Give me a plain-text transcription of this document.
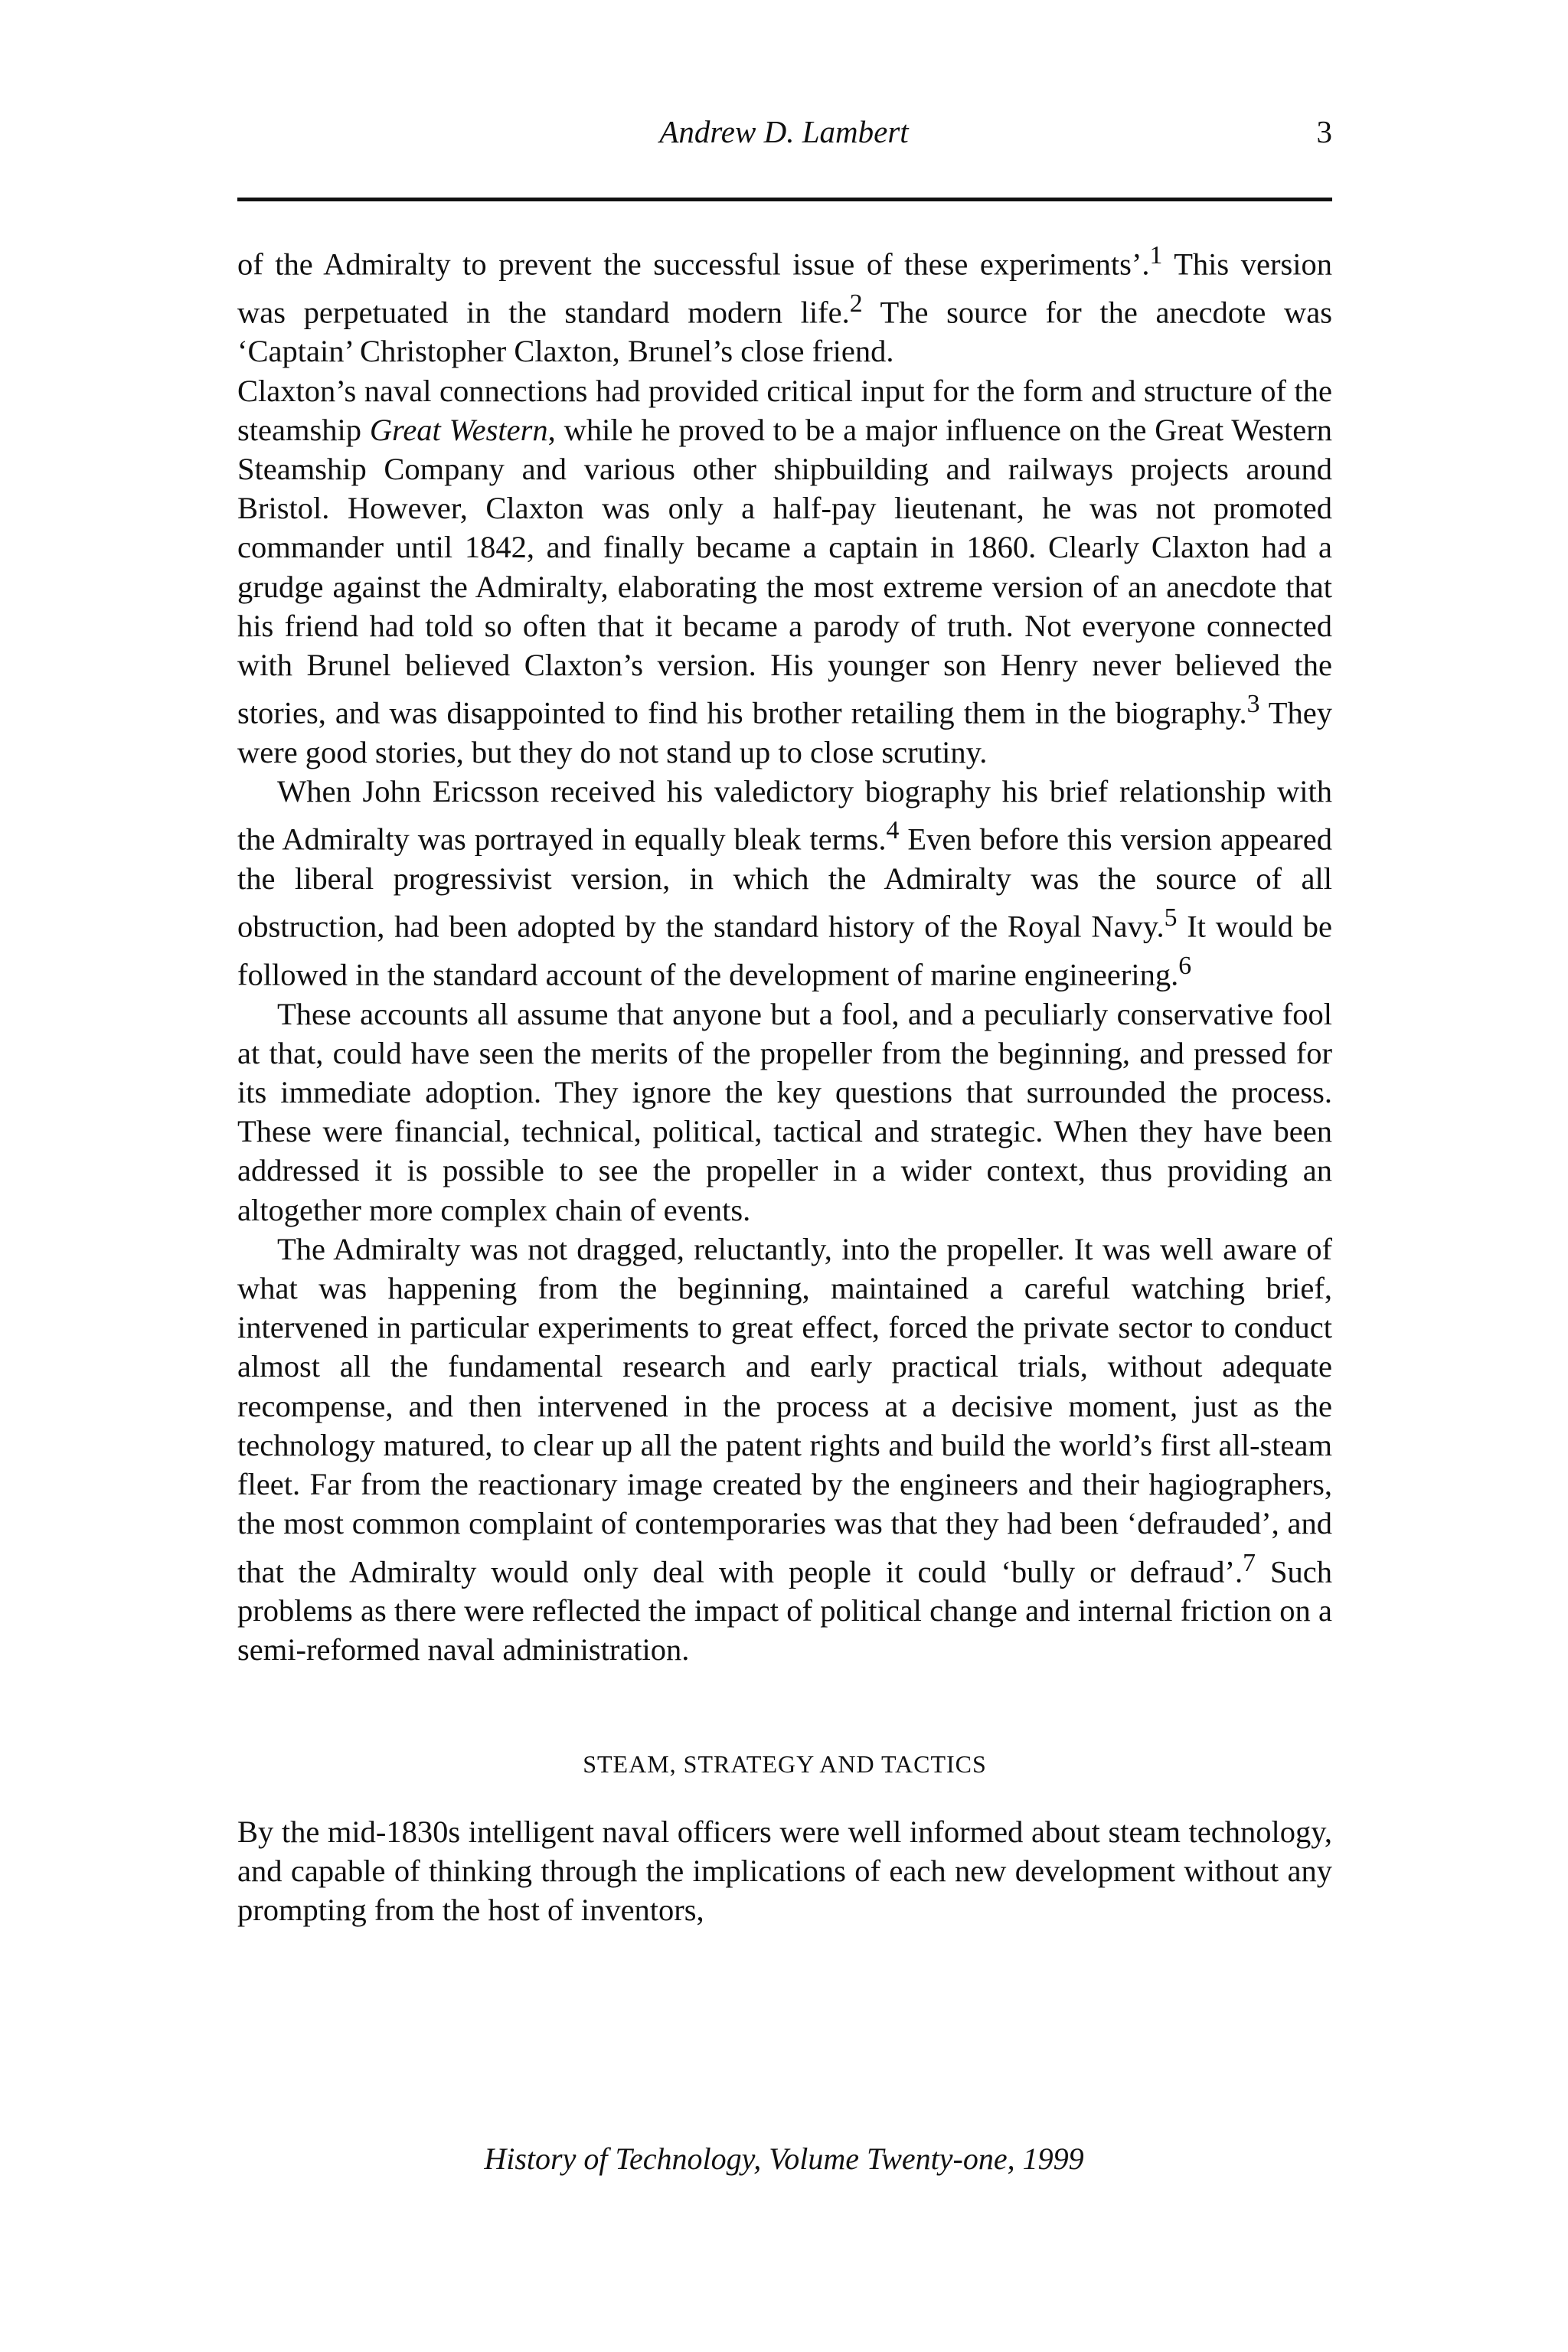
Andrew D. Lambert	3

of the Admiralty to prevent the successful issue of these experiments’.$^1$ This version was perpetuated in the standard modern life.$^2$ The source for the anecdote was ‘Captain’ Christopher Claxton, Brunel’s close friend.

Claxton’s naval connections had provided critical input for the form and structure of the steamship Great Western, while he proved to be a major influence on the Great Western Steamship Company and various other shipbuilding and railways projects around Bristol. However, Claxton was only a half-pay lieutenant, he was not promoted commander until 1842, and finally became a captain in 1860. Clearly Claxton had a grudge against the Admiralty, elaborating the most extreme version of an anecdote that his friend had told so often that it became a parody of truth. Not everyone connected with Brunel believed Claxton’s version. His younger son Henry never believed the stories, and was disappointed to find his brother retailing them in the biography.$^3$ They were good stories, but they do not stand up to close scrutiny.

When John Ericsson received his valedictory biography his brief relationship with the Admiralty was portrayed in equally bleak terms.$^4$ Even before this version appeared the liberal progressivist version, in which the Admiralty was the source of all obstruction, had been adopted by the standard history of the Royal Navy.$^5$ It would be followed in the standard account of the development of marine engineering.$^6$

These accounts all assume that anyone but a fool, and a peculiarly conservative fool at that, could have seen the merits of the propeller from the beginning, and pressed for its immediate adoption. They ignore the key questions that surrounded the process. These were financial, technical, political, tactical and strategic. When they have been addressed it is possible to see the propeller in a wider context, thus providing an altogether more complex chain of events.

The Admiralty was not dragged, reluctantly, into the propeller. It was well aware of what was happening from the beginning, maintained a careful watching brief, intervened in particular experiments to great effect, forced the private sector to conduct almost all the fundamental research and early practical trials, without adequate recompense, and then intervened in the process at a decisive moment, just as the technology matured, to clear up all the patent rights and build the world’s first all-steam fleet. Far from the reactionary image created by the engineers and their hagiographers, the most common complaint of contemporaries was that they had been ‘defrauded’, and that the Admiralty would only deal with people it could ‘bully or defraud’.$^7$ Such problems as there were reflected the impact of political change and internal friction on a semi-reformed naval administration.

STEAM, STRATEGY AND TACTICS

By the mid-1830s intelligent naval officers were well informed about steam technology, and capable of thinking through the implications of each new development without any prompting from the host of inventors,

History of Technology, Volume Twenty-one, 1999
